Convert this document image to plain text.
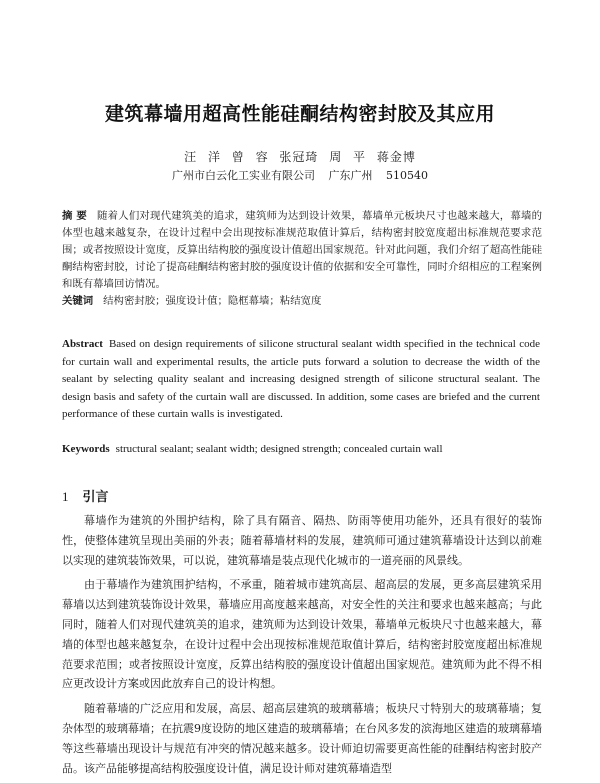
建筑幕墙用超高性能硅酮结构密封胶及其应用
汪 洋 曾 容 张冠琦 周 平 蒋金博
广州市白云化工实业有限公司 广东广州 510540
摘 要 随着人们对现代建筑美的追求，建筑师为达到设计效果，幕墙单元板块尺寸也越来越大，幕墙的体型也越来越复杂，在设计过程中会出现按标准规范取值计算后，结构密封胶宽度超出标准规范要求范围；或者按照设计宽度，反算出结构胶的强度设计值超出国家规范。针对此问题，我们介绍了超高性能硅酮结构密封胶，讨论了提高硅酮结构密封胶的强度设计值的依据和安全可靠性，同时介绍相应的工程案例和既有幕墙回访情况。
关键词 结构密封胶；强度设计值；隐框幕墙；粘结宽度
Abstract Based on design requirements of silicone structural sealant width specified in the technical code for curtain wall and experimental results, the article puts forward a solution to decrease the width of the sealant by selecting quality sealant and increasing designed strength of silicone structural sealant. The design basis and safety of the curtain wall are discussed. In addition, some cases are briefed and the current performance of these curtain walls is investigated.
Keywords structural sealant; sealant width; designed strength; concealed curtain wall
1 引言

幕墙作为建筑的外围护结构，除了具有隔音、隔热、防雨等使用功能外，还具有很好的装饰性，使整体建筑呈现出美丽的外表；随着幕墙材料的发展，建筑师可通过建筑幕墙设计达到以前难以实现的建筑装饰效果，可以说，建筑幕墙是装点现代化城市的一道亮丽的风景线。

由于幕墙作为建筑围护结构，不承重，随着城市建筑高层、超高层的发展，更多高层建筑采用幕墙以达到建筑装饰设计效果，幕墙应用高度越来越高，对安全性的关注和要求也越来越高；与此同时，随着人们对现代建筑美的追求，建筑师为达到设计效果，幕墙单元板块尺寸也越来越大，幕墙的体型也越来越复杂，在设计过程中会出现按标准规范取值计算后，结构密封胶宽度超出标准规范要求范围；或者按照设计宽度，反算出结构胶的强度设计值超出国家规范。建筑师为此不得不相应更改设计方案或因此放弃自己的设计构想。

随着幕墙的广泛应用和发展，高层、超高层建筑的玻璃幕墙；板块尺寸特别大的玻璃幕墙；复杂体型的玻璃幕墙；在抗震9度设防的地区建造的玻璃幕墙；在台风多发的滨海地区建造的玻璃幕墙等这些幕墙出现设计与规范有冲突的情况越来越多。设计师迫切需要更高性能的硅酮结构密封胶产品。该产品能够提高结构胶强度设计值，满足设计师对建筑幕墙造型
